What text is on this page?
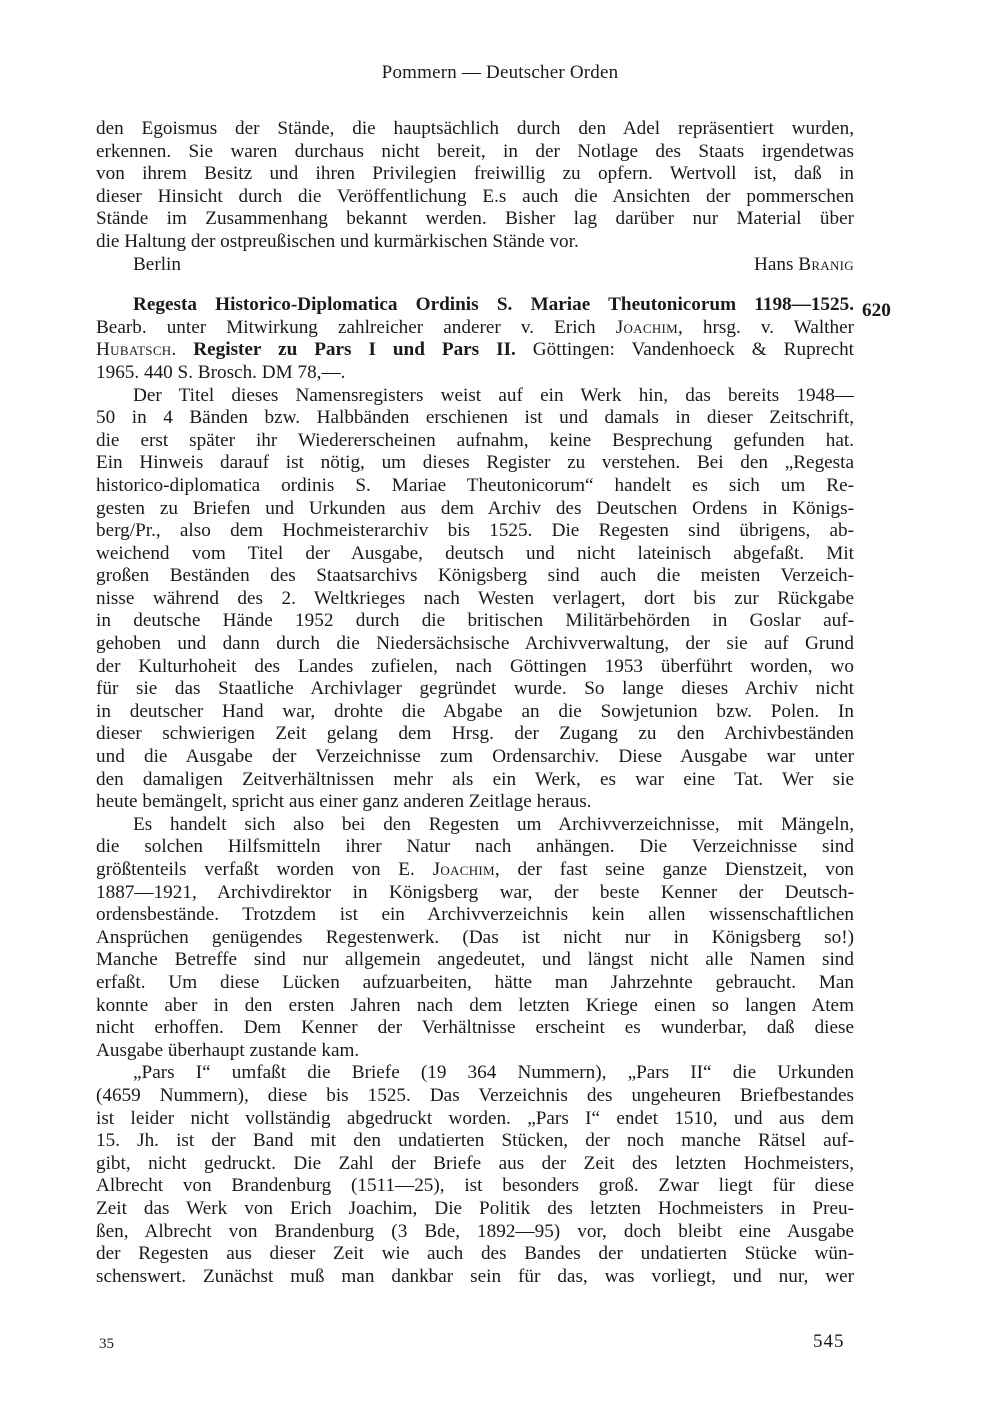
Pommern — Deutscher Orden
den Egoismus der Stände, die hauptsächlich durch den Adel repräsentiert wurden,
erkennen. Sie waren durchaus nicht bereit, in der Notlage des Staats irgendetwas
von ihrem Besitz und ihren Privilegien freiwillig zu opfern. Wertvoll ist, daß in
dieser Hinsicht durch die Veröffentlichung E.s auch die Ansichten der pommerschen
Stände im Zusammenhang bekannt werden. Bisher lag darüber nur Material über
die Haltung der ostpreußischen und kurmärkischen Stände vor.
Berlin	Hans Branig
Regesta Historico-Diplomatica Ordinis S. Mariae Theutonicorum 1198—1525.
Bearb. unter Mitwirkung zahlreicher anderer v. Erich Joachim, hrsg. v. Walther
Hubatsch. Register zu Pars I und Pars II. Göttingen: Vandenhoeck & Ruprecht
1965. 440 S. Brosch. DM 78,—.
Der Titel dieses Namensregisters weist auf ein Werk hin, das bereits 1948—
50 in 4 Bänden bzw. Halbbänden erschienen ist und damals in dieser Zeitschrift,
die erst später ihr Wiedererscheinen aufnahm, keine Besprechung gefunden hat.
Ein Hinweis darauf ist nötig, um dieses Register zu verstehen. Bei den „Regesta
historico-diplomatica ordinis S. Mariae Theutonicorum“ handelt es sich um Re-
gesten zu Briefen und Urkunden aus dem Archiv des Deutschen Ordens in Königs-
berg/Pr., also dem Hochmeisterarchiv bis 1525. Die Regesten sind übrigens, ab-
weichend vom Titel der Ausgabe, deutsch und nicht lateinisch abgefaßt. Mit
großen Beständen des Staatsarchivs Königsberg sind auch die meisten Verzeich-
nisse während des 2. Weltkrieges nach Westen verlagert, dort bis zur Rückgabe
in deutsche Hände 1952 durch die britischen Militärbehörden in Goslar auf-
gehoben und dann durch die Niedersächsische Archivverwaltung, der sie auf Grund
der Kulturhoheit des Landes zufielen, nach Göttingen 1953 überführt worden, wo
für sie das Staatliche Archivlager gegründet wurde. So lange dieses Archiv nicht
in deutscher Hand war, drohte die Abgabe an die Sowjetunion bzw. Polen. In
dieser schwierigen Zeit gelang dem Hrsg. der Zugang zu den Archivbeständen
und die Ausgabe der Verzeichnisse zum Ordensarchiv. Diese Ausgabe war unter
den damaligen Zeitverhältnissen mehr als ein Werk, es war eine Tat. Wer sie
heute bemängelt, spricht aus einer ganz anderen Zeitlage heraus.
Es handelt sich also bei den Regesten um Archivverzeichnisse, mit Mängeln,
die solchen Hilfsmitteln ihrer Natur nach anhängen. Die Verzeichnisse sind
größtenteils verfaßt worden von E. Joachim, der fast seine ganze Dienstzeit, von
1887—1921, Archivdirektor in Königsberg war, der beste Kenner der Deutsch-
ordensbestände. Trotzdem ist ein Archivverzeichnis kein allen wissenschaftlichen
Ansprüchen genügendes Regestenwerk. (Das ist nicht nur in Königsberg so!)
Manche Betreffe sind nur allgemein angedeutet, und längst nicht alle Namen sind
erfaßt. Um diese Lücken aufzuarbeiten, hätte man Jahrzehnte gebraucht. Man
konnte aber in den ersten Jahren nach dem letzten Kriege einen so langen Atem
nicht erhoffen. Dem Kenner der Verhältnisse erscheint es wunderbar, daß diese
Ausgabe überhaupt zustande kam.
„Pars I“ umfaßt die Briefe (19 364 Nummern), „Pars II“ die Urkunden
(4659 Nummern), diese bis 1525. Das Verzeichnis des ungeheuren Briefbestandes
ist leider nicht vollständig abgedruckt worden. „Pars I“ endet 1510, und aus dem
15. Jh. ist der Band mit den undatierten Stücken, der noch manche Rätsel auf-
gibt, nicht gedruckt. Die Zahl der Briefe aus der Zeit des letzten Hochmeisters,
Albrecht von Brandenburg (1511—25), ist besonders groß. Zwar liegt für diese
Zeit das Werk von Erich Joachim, Die Politik des letzten Hochmeisters in Preu-
ßen, Albrecht von Brandenburg (3 Bde, 1892—95) vor, doch bleibt eine Ausgabe
der Regesten aus dieser Zeit wie auch des Bandes der undatierten Stücke wün-
schenswert. Zunächst muß man dankbar sein für das, was vorliegt, und nur, wer
620
35	545
